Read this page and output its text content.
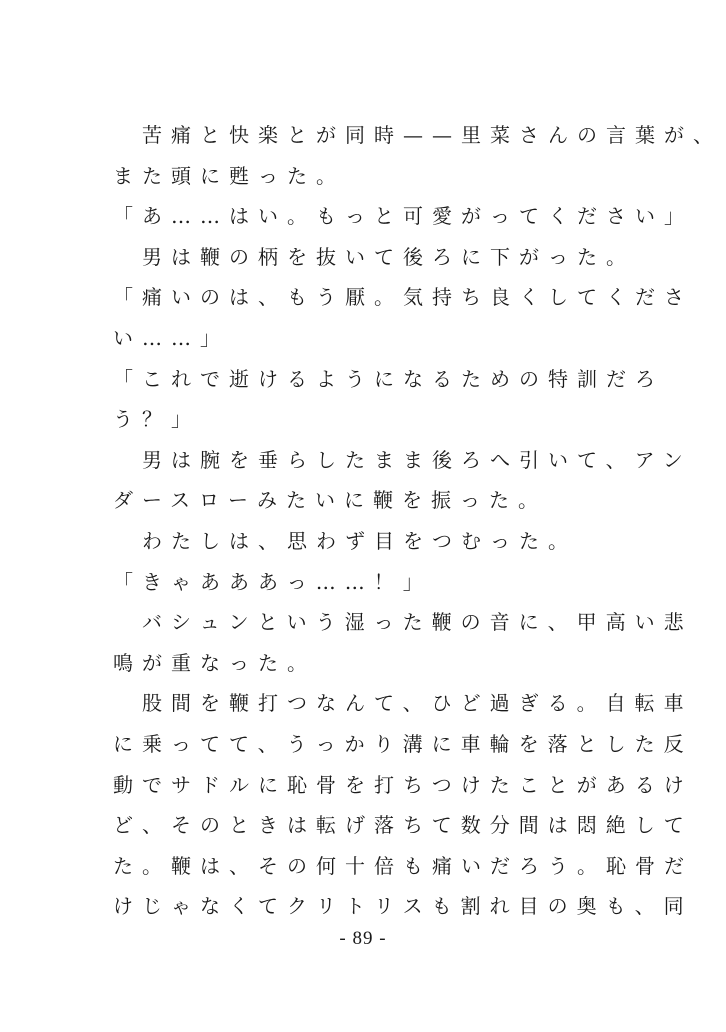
　苦痛と快楽とが同時——里菜さんの言葉が、
また頭に甦った。
「あ……はい。もっと可愛がってください」
　男は鞭の柄を抜いて後ろに下がった。
「痛いのは、もう厭。気持ち良くしてくださ
い……」
「これで逝けるようになるための特訓だろ
う？」
　男は腕を垂らしたまま後ろへ引いて、アン
ダースローみたいに鞭を振った。
　わたしは、思わず目をつむった。
「きゃあああっ……！」
　バシュンという湿った鞭の音に、甲高い悲
鳴が重なった。
　股間を鞭打つなんて、ひど過ぎる。自転車
に乗ってて、うっかり溝に車輪を落とした反
動でサドルに恥骨を打ちつけたことがあるけ
ど、そのときは転げ落ちて数分間は悶絶して
た。鞭は、その何十倍も痛いだろう。恥骨だ
けじゃなくてクリトリスも割れ目の奥も、同
- 89 -
